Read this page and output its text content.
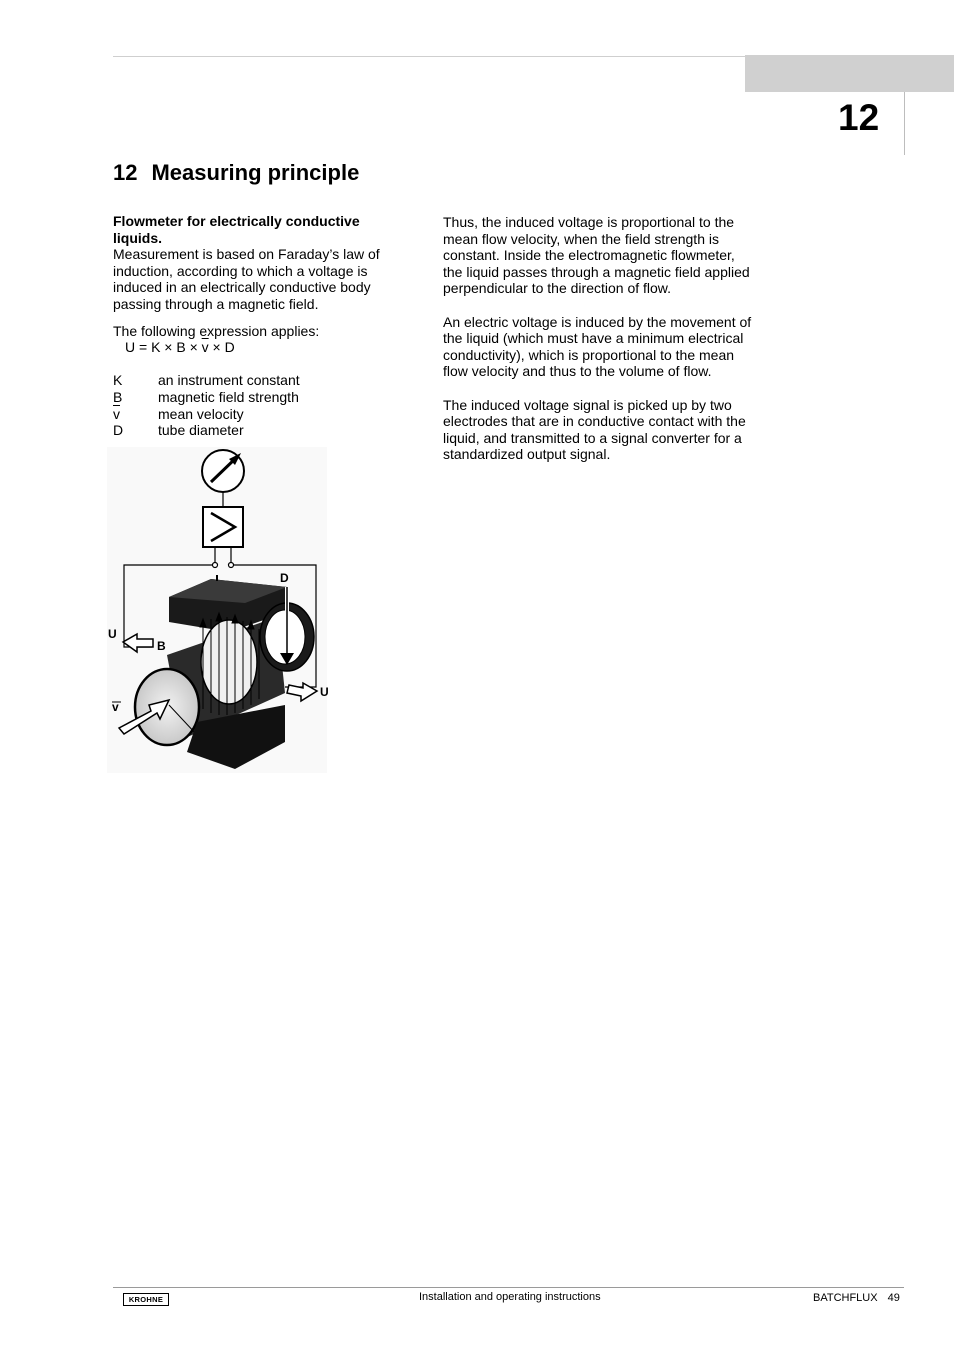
12
12 Measuring principle

Flowmeter for electrically conductive liquids.

Measurement is based on Faraday’s law of induction, according to which a voltage is induced in an electrically conductive body passing through a magnetic field.

The following expression applies:

$U = K \times B \times \overline{v} \times D$

K	an instrument constant
B	magnetic field strength
$\overline{v}$	mean velocity
D	tube diameter
D
U
B
U
v

Thus, the induced voltage is proportional to the mean flow velocity, when the field strength is constant. Inside the electromagnetic flowmeter, the liquid passes through a magnetic field applied perpendicular to the direction of flow.

An electric voltage is induced by the movement of the liquid (which must have a minimum electrical conductivity), which is proportional to the mean flow velocity and thus to the volume of flow.

The induced voltage signal is picked up by two electrodes that are in conductive contact with the liquid, and transmitted to a signal converter for a standardized output signal.

KROHNE	Installation and operating instructions	BATCHFLUX 49
